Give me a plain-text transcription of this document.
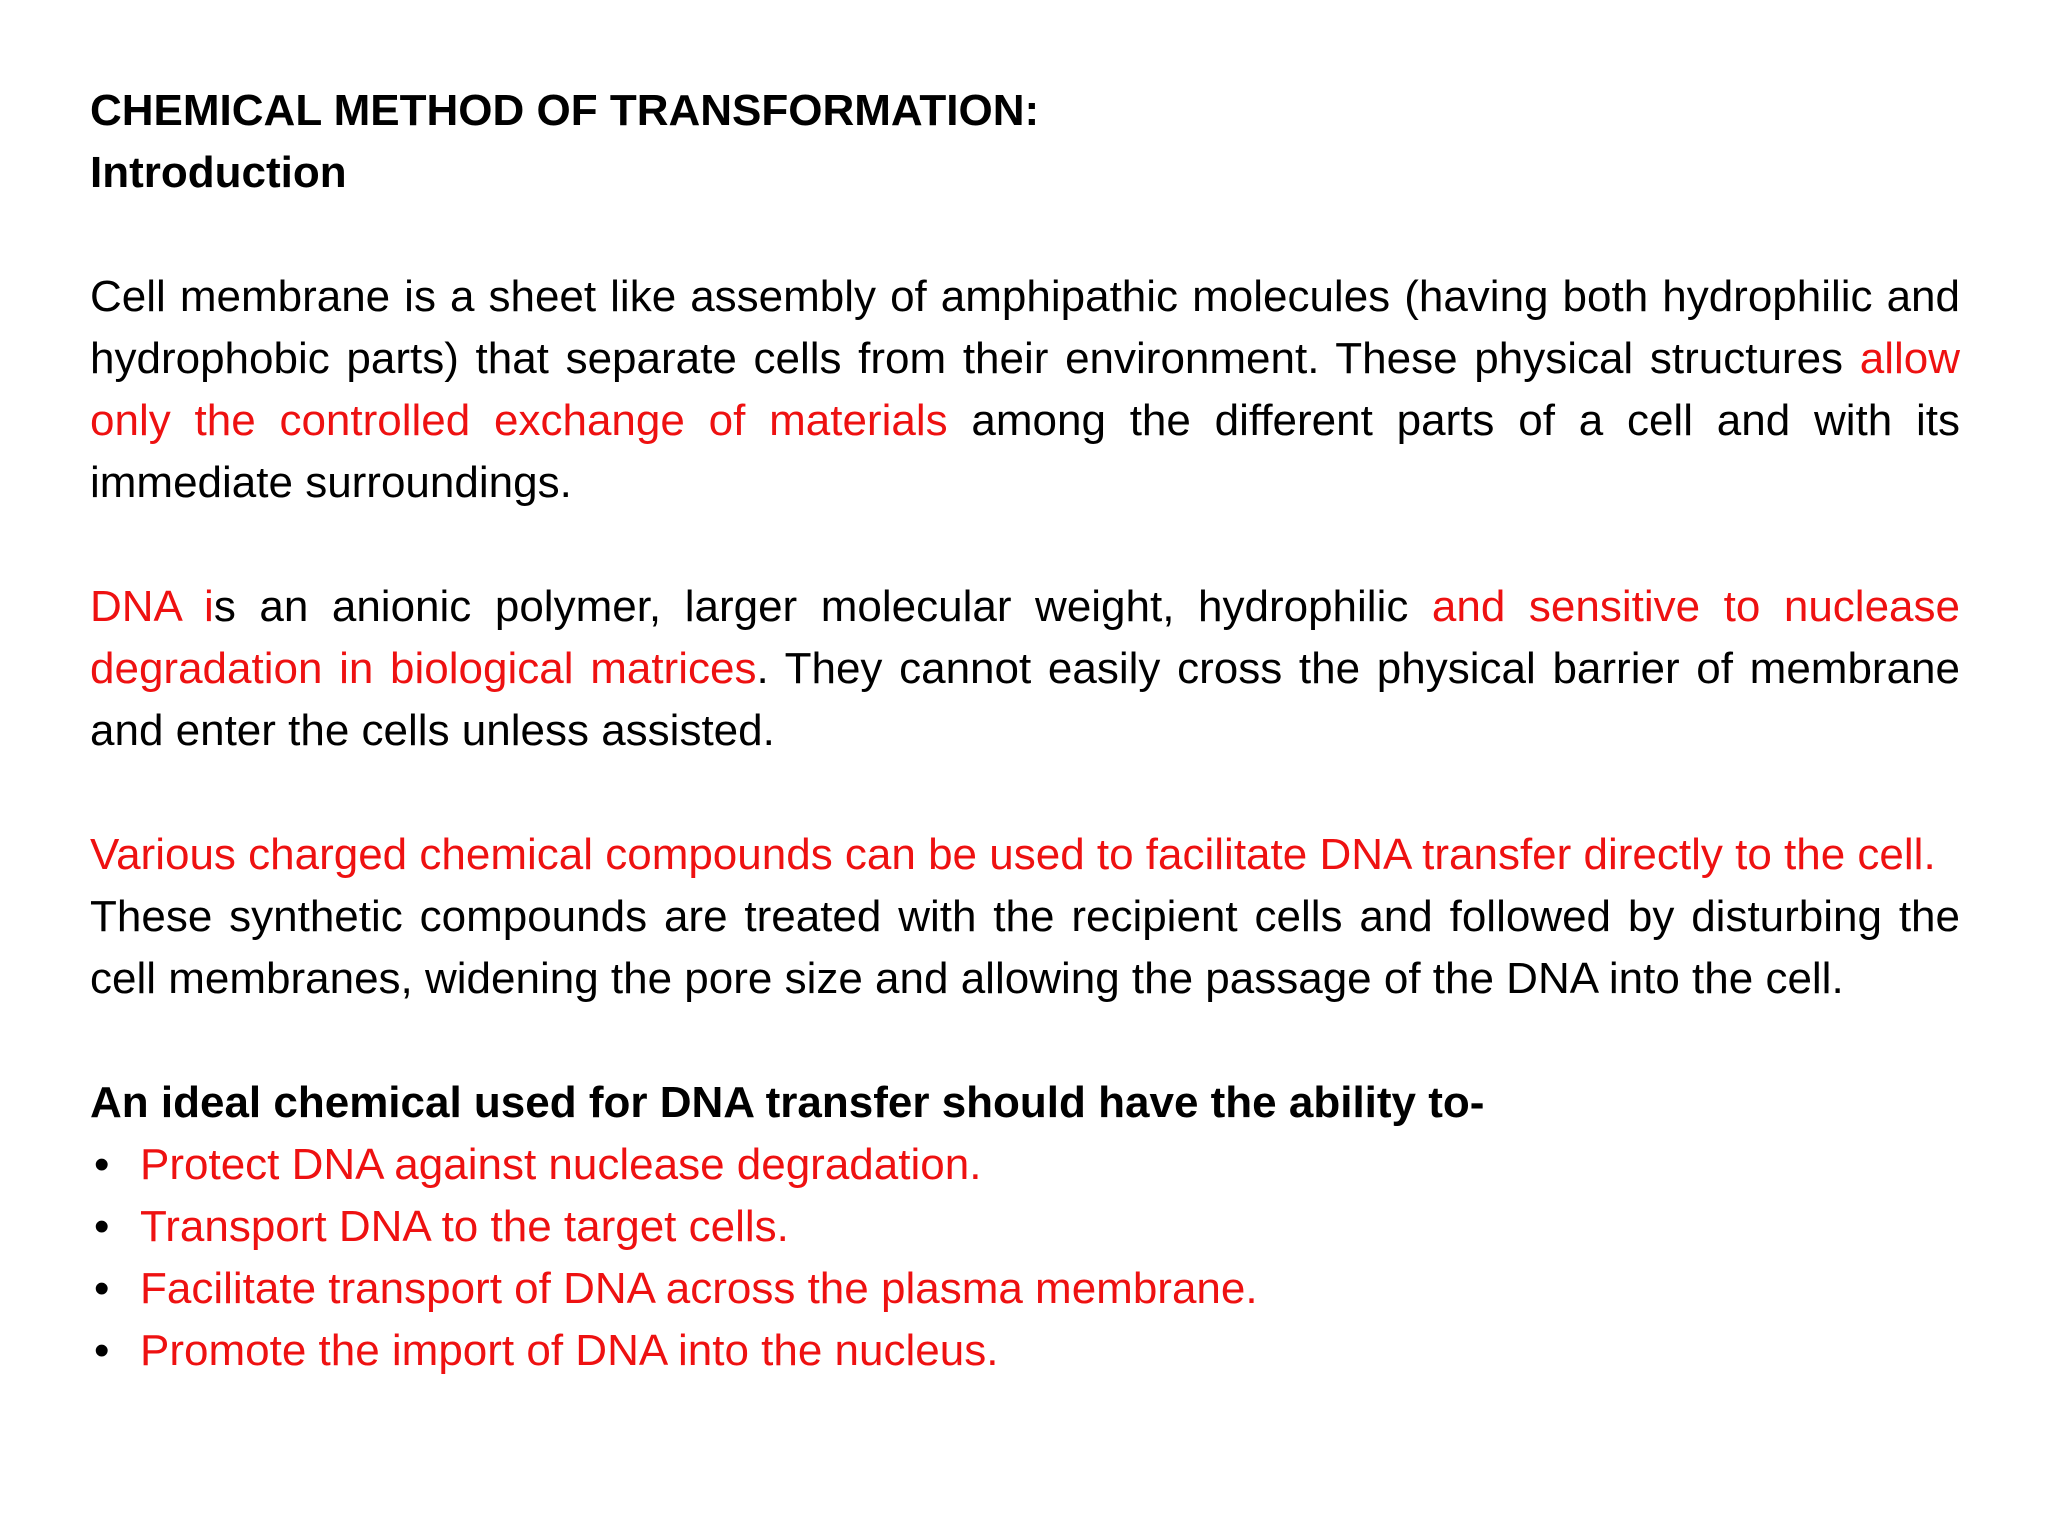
CHEMICAL METHOD OF TRANSFORMATION:

Introduction

Cell membrane is a sheet like assembly of amphipathic molecules (having both hydrophilic and hydrophobic parts) that separate cells from their environment. These physical structures allow only the controlled exchange of materials among the different parts of a cell and with its immediate surroundings.

DNA is an anionic polymer, larger molecular weight, hydrophilic and sensitive to nuclease degradation in biological matrices. They cannot easily cross the physical barrier of membrane and enter the cells unless assisted.

Various charged chemical compounds can be used to facilitate DNA transfer directly to the cell.

These synthetic compounds are treated with the recipient cells and followed by disturbing the cell membranes, widening the pore size and allowing the passage of the DNA into the cell.

An ideal chemical used for DNA transfer should have the ability to-

• Protect DNA against nuclease degradation.
• Transport DNA to the target cells.
• Facilitate transport of DNA across the plasma membrane.
• Promote the import of DNA into the nucleus.
